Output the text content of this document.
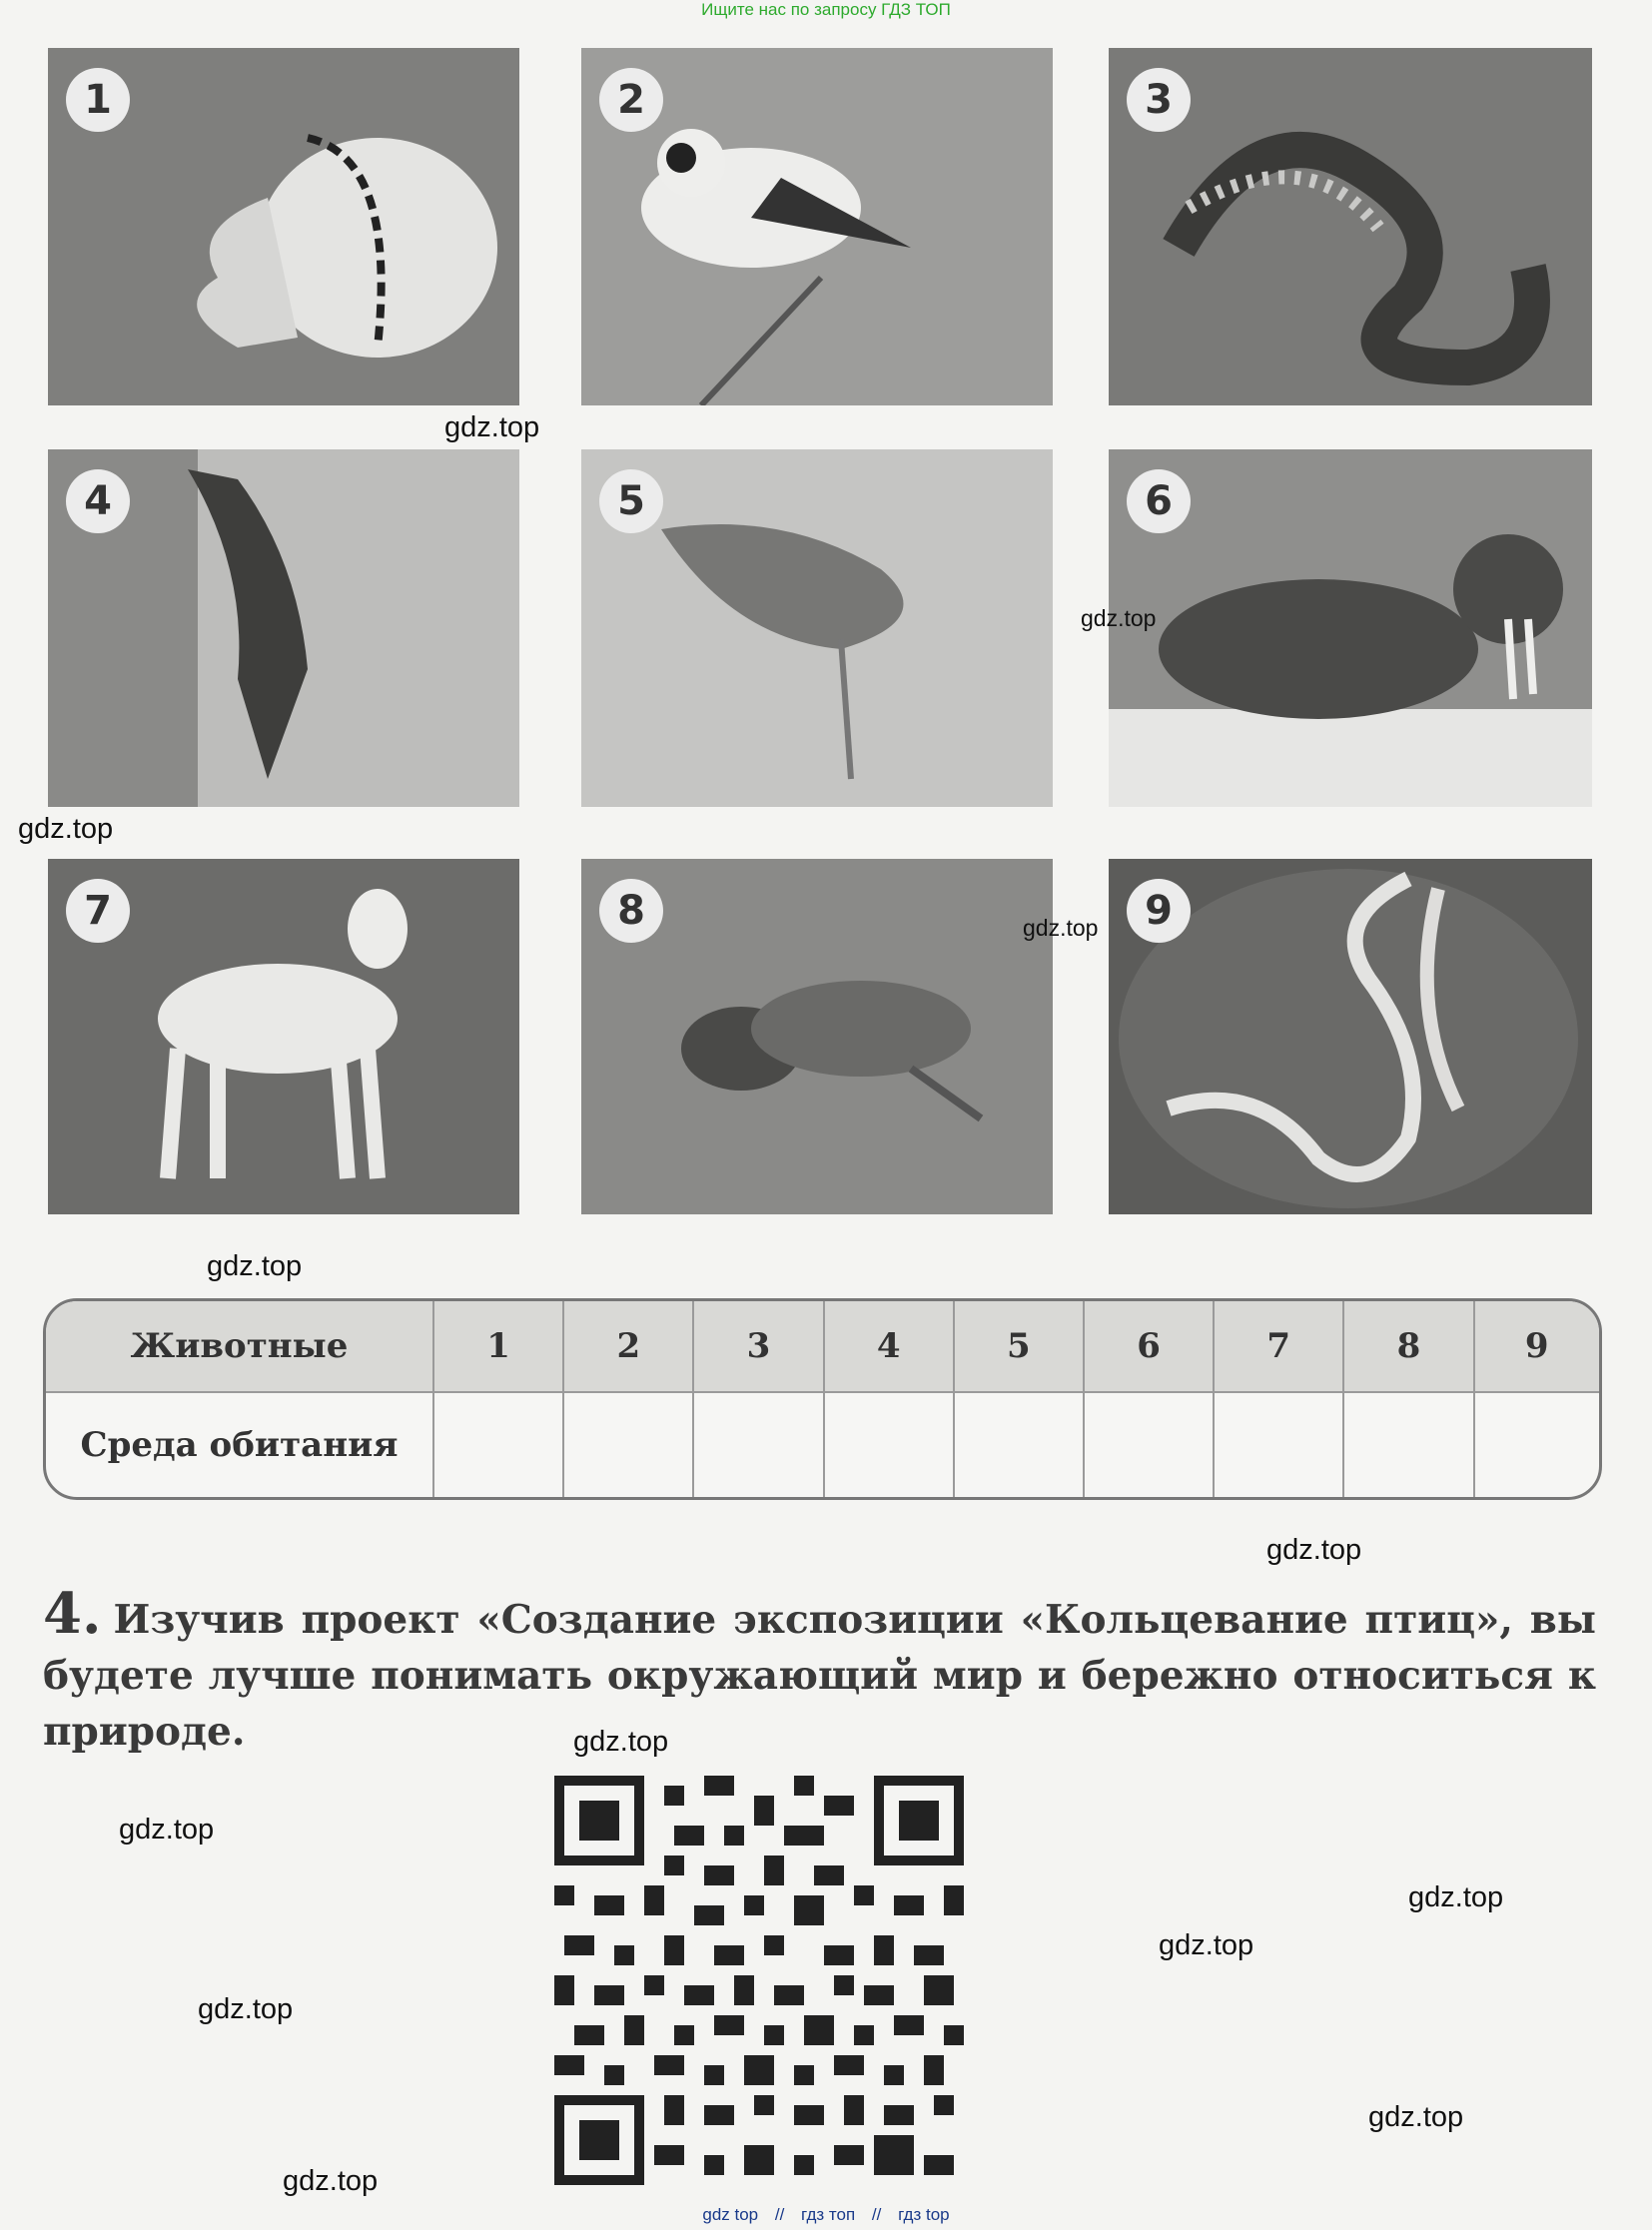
Ищите нас по запросу ГДЗ ТОП
1	2	3
4	5	6
7	8	9
gdz.top
gdz.top
gdz.top
gdz.top
gdz.top
gdz.top
gdz.top
gdz.top
gdz.top
gdz.top
gdz.top
gdz.top
gdz.top
Животные	1	2	3	4	5	6	7	8	9
Среда обитания									
4. Изучив проект «Создание экспозиции «Кольцевание птиц», вы будете лучше понимать окружающий мир и бережно относиться к природе.
gdz top // гдз топ // гдз top
